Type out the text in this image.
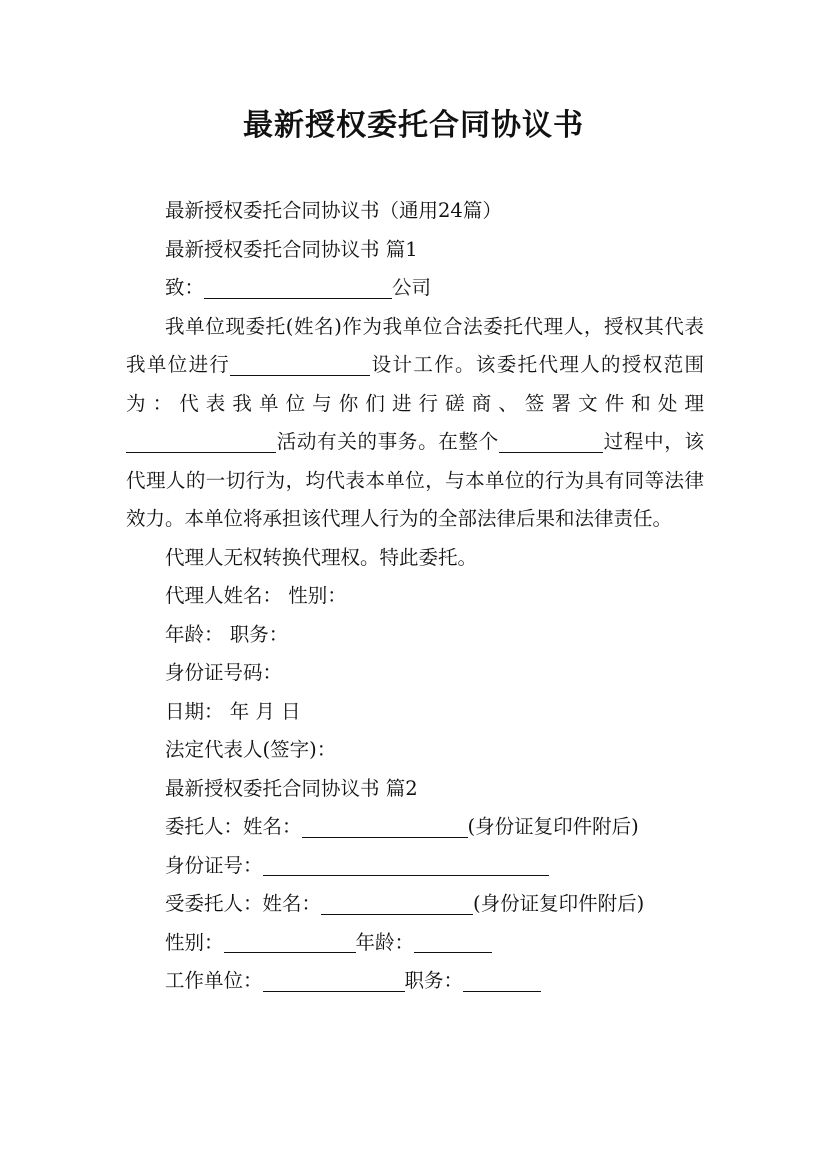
最新授权委托合同协议书

最新授权委托合同协议书（通用24篇）

最新授权委托合同协议书 篇1

致：	公司

我单位现委托(姓名)作为我单位合法委托代理人，授权其代表我单位进行	设计工作。该委托代理人的授权范围为：代表我单位与你们进行磋商、签署文件和处理活动有关的事务。在整个	过程中，该代理人的一切行为，均代表本单位，与本单位的行为具有同等法律效力。本单位将承担该代理人行为的全部法律后果和法律责任。

代理人无权转换代理权。特此委托。

代理人姓名： 性别：

年龄： 职务：

身份证号码：

日期： 年 月 日

法定代表人(签字)：

最新授权委托合同协议书 篇2

委托人：姓名：	(身份证复印件附后)

身份证号：

受委托人：姓名：	(身份证复印件附后)

性别：	年龄：

工作单位：	职务：
